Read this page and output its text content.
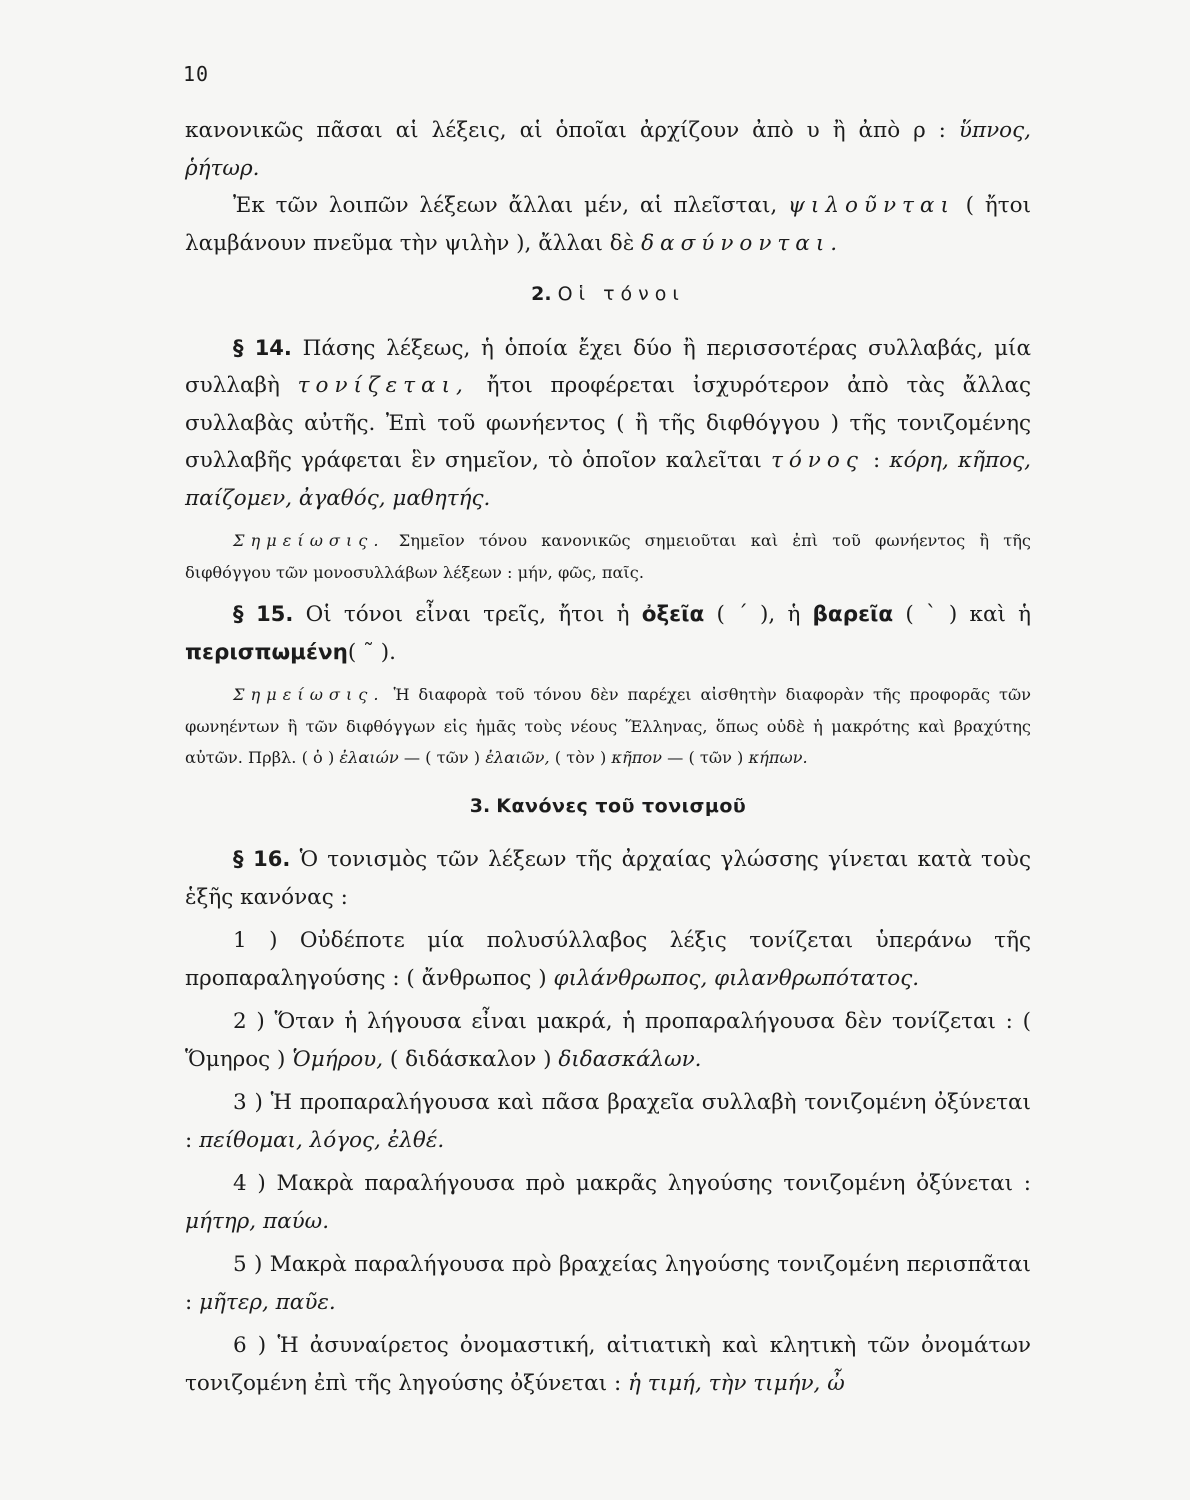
10

κανονικῶς πᾶσαι αἱ λέξεις, αἱ ὁποῖαι ἀρχίζουν ἀπὸ υ ἢ ἀπὸ ρ : ὕπνος, ῥήτωρ.

Ἐκ τῶν λοιπῶν λέξεων ἄλλαι μέν, αἱ πλεῖσται, ψιλοῦνται ( ἤτοι λαμβάνουν πνεῦμα τὴν ψιλὴν ), ἄλλαι δὲ δασύνονται.

2. Οἱ τόνοι

§ 14. Πάσης λέξεως, ἡ ὁποία ἔχει δύο ἢ περισσοτέρας συλλαβάς, μία συλλαβὴ τονίζεται, ἤτοι προφέρεται ἰσχυρότερον ἀπὸ τὰς ἄλλας συλλαβὰς αὐτῆς. Ἐπὶ τοῦ φωνήεντος ( ἢ τῆς διφθόγγου ) τῆς τονιζομένης συλλαβῆς γράφεται ἓν σημεῖον, τὸ ὁποῖον καλεῖται τόνος : κόρη, κῆπος, παίζομεν, ἀγαθός, μαθητής.

Σημείωσις. Σημεῖον τόνου κανονικῶς σημειοῦται καὶ ἐπὶ τοῦ φωνήεντος ἢ τῆς διφθόγγου τῶν μονοσυλλάβων λέξεων : μήν, φῶς, παῖς.

§ 15. Οἱ τόνοι εἶναι τρεῖς, ἤτοι ἡ ὀξεῖα ( ´ ), ἡ βαρεῖα ( ` ) καὶ ἡ περισπωμένη( ῀ ).

Σημείωσις. Ἡ διαφορὰ τοῦ τόνου δὲν παρέχει αἰσθητὴν διαφορὰν τῆς προφορᾶς τῶν φωνηέντων ἢ τῶν διφθόγγων εἰς ἡμᾶς τοὺς νέους Ἕλληνας, ὅπως οὐδὲ ἡ μακρότης καὶ βραχύτης αὐτῶν. Πρβλ. ( ὁ ) ἐλαιών — ( τῶν ) ἐλαιῶν, ( τὸν ) κῆπον — ( τῶν ) κήπων.

3. Κανόνες τοῦ τονισμοῦ

§ 16. Ὁ τονισμὸς τῶν λέξεων τῆς ἀρχαίας γλώσσης γίνεται κατὰ τοὺς ἑξῆς κανόνας :

1 ) Οὐδέποτε μία πολυσύλλαβος λέξις τονίζεται ὑπεράνω τῆς προπαραληγούσης : ( ἄνθρωπος ) φιλάνθρωπος, φιλανθρωπότατος.

2 ) Ὅταν ἡ λήγουσα εἶναι μακρά, ἡ προπαραλήγουσα δὲν τονίζεται : ( Ὅμηρος ) Ὁμήρου, ( διδάσκαλον ) διδασκάλων.

3 ) Ἡ προπαραλήγουσα καὶ πᾶσα βραχεῖα συλλαβὴ τονιζομένη ὀξύνεται : πείθομαι, λόγος, ἐλθέ.

4 ) Μακρὰ παραλήγουσα πρὸ μακρᾶς ληγούσης τονιζομένη ὀξύνεται : μήτηρ, παύω.

5 ) Μακρὰ παραλήγουσα πρὸ βραχείας ληγούσης τονιζομένη περισπᾶται : μῆτερ, παῦε.

6 ) Ἡ ἀσυναίρετος ὀνομαστική, αἰτιατικὴ καὶ κλητικὴ τῶν ὀνομάτων τονιζομένη ἐπὶ τῆς ληγούσης ὀξύνεται : ἡ τιμή, τὴν τιμήν, ὦ
